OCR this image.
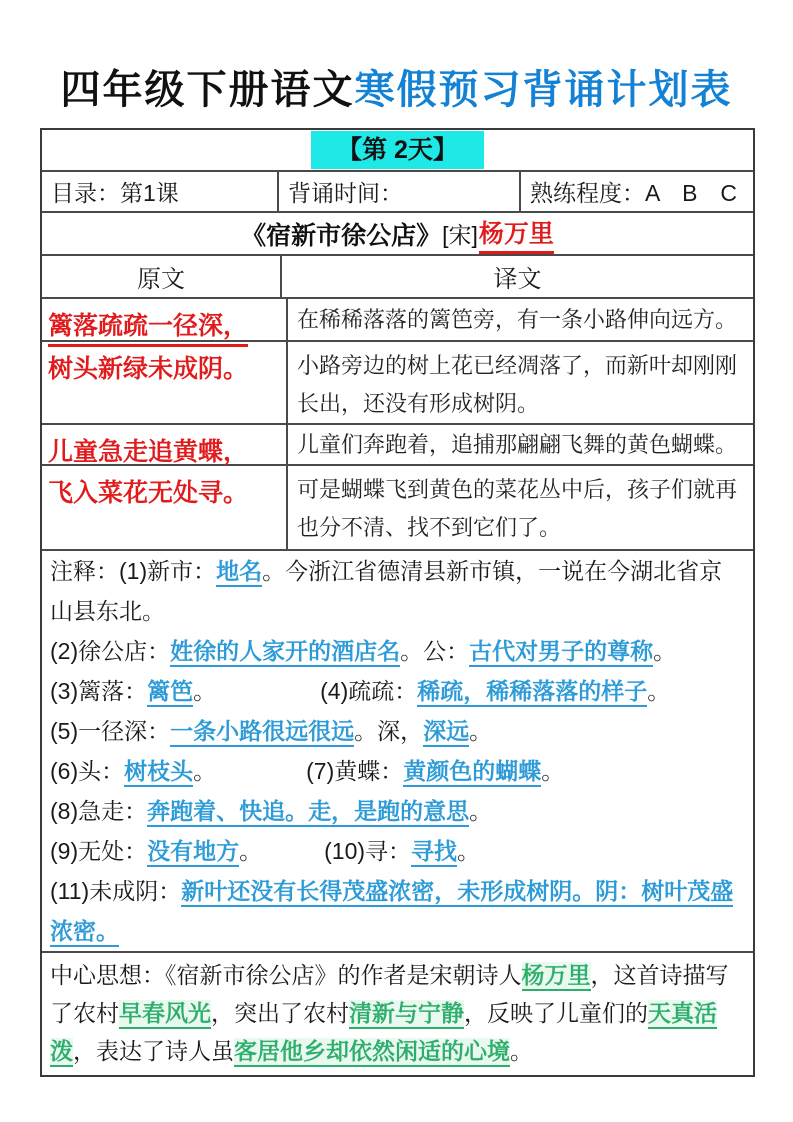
四年级下册语文寒假预习背诵计划表
【第 2天】
目录：第1课	背诵时间：	熟练程度：A　B　C
《宿新市徐公店》 [宋] 杨万里
原文	译文
篱落疏疏一径深，	在稀稀落落的篱笆旁，有一条小路伸向远方。
树头新绿未成阴。	小路旁边的树上花已经凋落了，而新叶却刚刚长出，还没有形成树阴。
儿童急走追黄蝶，	儿童们奔跑着，追捕那翩翩飞舞的黄色蝴蝶。
飞入菜花无处寻。	可是蝴蝶飞到黄色的菜花丛中后，孩子们就再也分不清、找不到它们了。
注释：(1)新市：地名。今浙江省德清县新市镇，一说在今湖北省京
山县东北。
(2)徐公店：姓徐的人家开的酒店名。公：古代对男子的尊称。
(3)篱落：篱笆。	(4)疏疏：稀疏，稀稀落落的样子。
(5)一径深：一条小路很远很远。深，深远。
(6)头：树枝头。	(7)黄蝶：黄颜色的蝴蝶。
(8)急走：奔跑着、快追。走，是跑的意思。
(9)无处：没有地方。	(10)寻：寻找。
(11)未成阴：新叶还没有长得茂盛浓密，未形成树阴。阴：树叶茂盛
浓密。
中心思想：《宿新市徐公店》的作者是宋朝诗人杨万里，这首诗描写
了农村早春风光，突出了农村清新与宁静，反映了儿童们的天真活
泼，表达了诗人虽客居他乡却依然闲适的心境。
